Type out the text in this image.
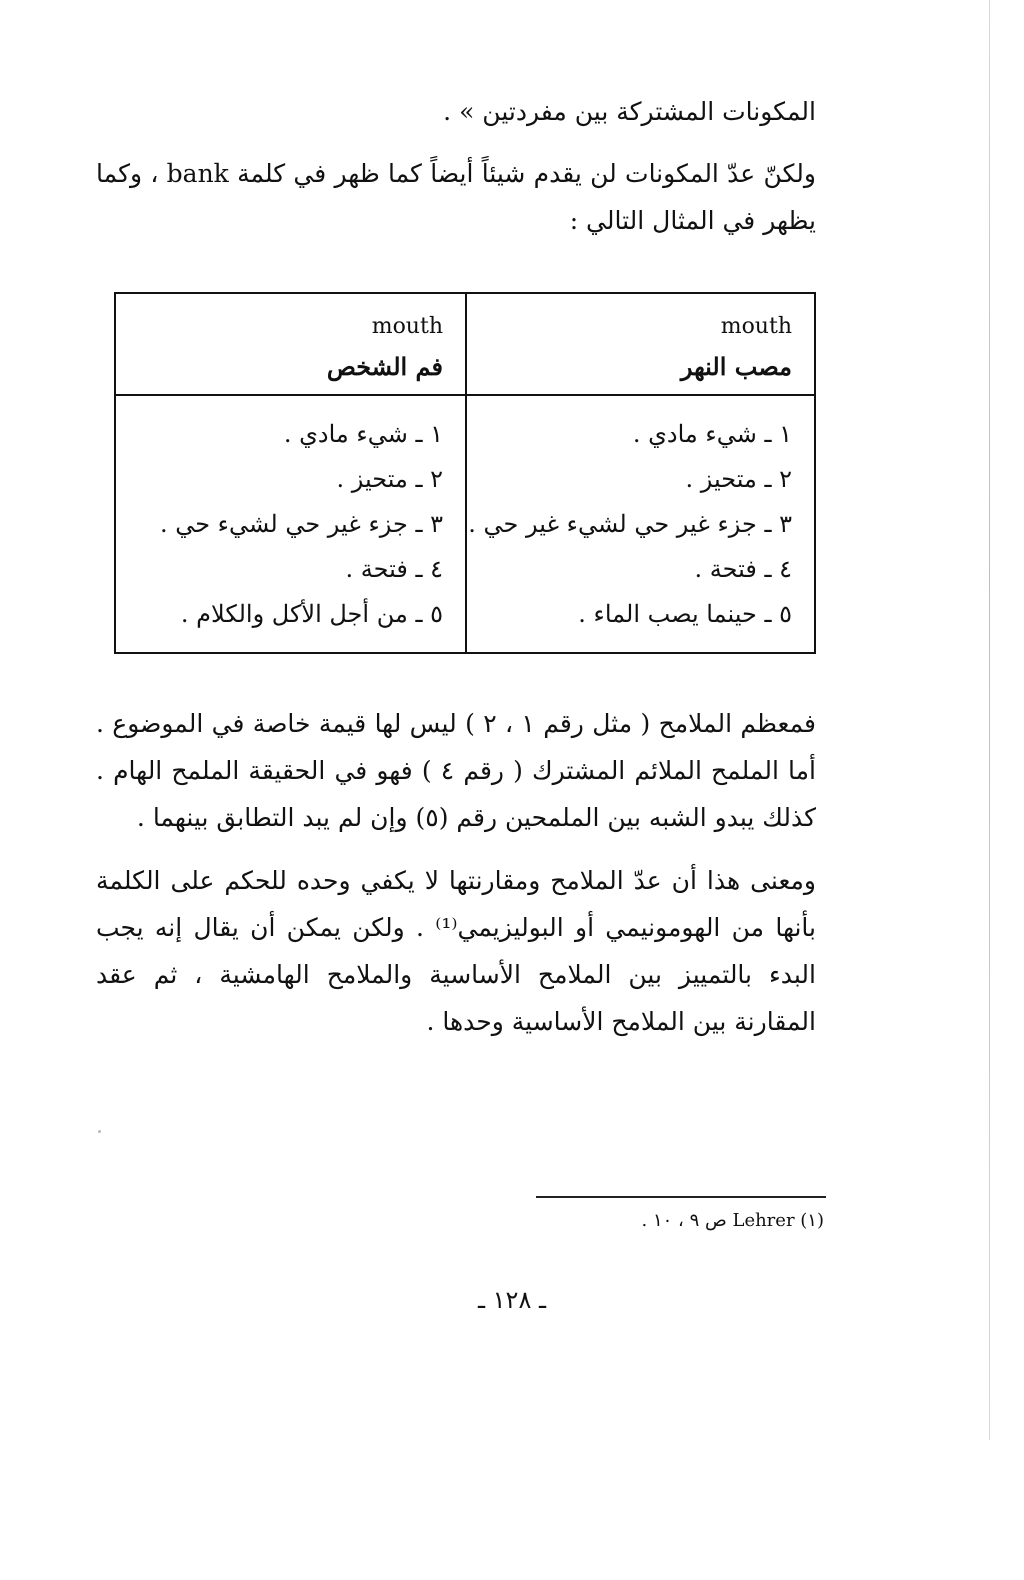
المكونات المشتركة بين مفردتين » .

ولكنّ عدّ المكونات لن يقدم شيئاً أيضاً كما ظهر في كلمة bank ، وكما يظهر في المثال التالي :

mouth
مصب النهر
١ ـ شيء مادي .
٢ ـ متحيز .
٣ ـ جزء غير حي لشيء غير حي .
٤ ـ فتحة .
٥ ـ حينما يصب الماء .
mouth
فم الشخص
١ ـ شيء مادي .
٢ ـ متحيز .
٣ ـ جزء غير حي لشيء حي .
٤ ـ فتحة .
٥ ـ من أجل الأكل والكلام .

فمعظم الملامح ( مثل رقم ١ ، ٢ ) ليس لها قيمة خاصة في الموضوع . أما الملمح الملائم المشترك ( رقم ٤ ) فهو في الحقيقة الملمح الهام . كذلك يبدو الشبه بين الملمحين رقم (٥) وإن لم يبد التطابق بينهما .

ومعنى هذا أن عدّ الملامح ومقارنتها لا يكفي وحده للحكم على الكلمة بأنها من الهومونيمي أو البوليزيمي⁽¹⁾ . ولكن يمكن أن يقال إنه يجب البدء بالتمييز بين الملامح الأساسية والملامح الهامشية ، ثم عقد المقارنة بين الملامح الأساسية وحدها .

(١) Lehrer ص ٩ ، ١٠ .
ـ ١٢٨ ـ
